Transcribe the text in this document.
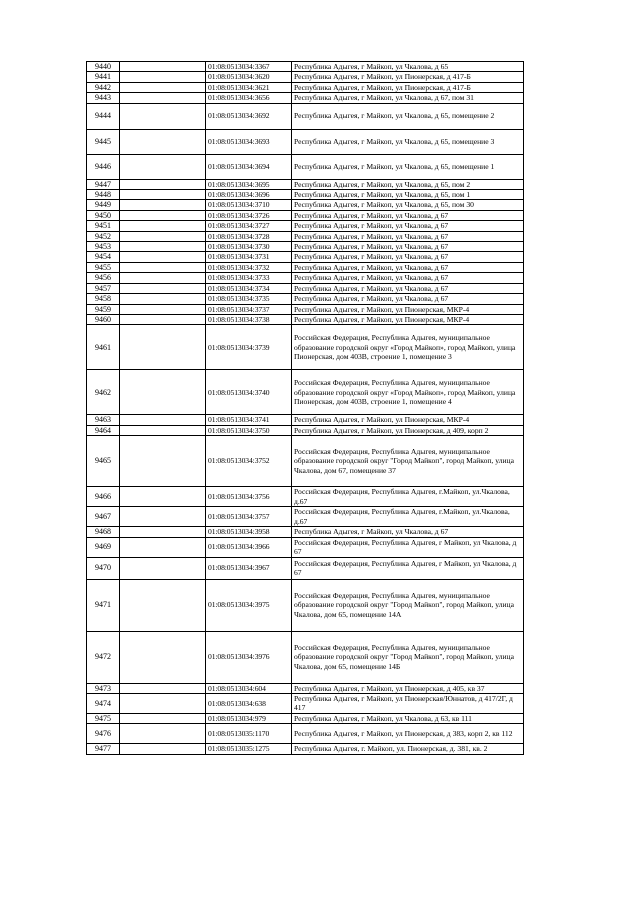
9440		01:08:0513034:3367	Республика Адыгея, г Майкоп, ул Чкалова, д 65
9441		01:08:0513034:3620	Республика Адыгея, г Майкоп, ул Пионерская, д 417-Б
9442		01:08:0513034:3621	Республика Адыгея, г Майкоп, ул Пионерская, д 417-Б
9443		01:08:0513034:3656	Республика Адыгея, г Майкоп, ул Чкалова, д 67, пом 31
9444		01:08:0513034:3692	Республика Адыгея, г Майкоп, ул Чкалова, д 65, помещение 2
9445		01:08:0513034:3693	Республика Адыгея, г Майкоп, ул Чкалова, д 65, помещение 3
9446		01:08:0513034:3694	Республика Адыгея, г Майкоп, ул Чкалова, д 65, помещение 1
9447		01:08:0513034:3695	Республика Адыгея, г Майкоп, ул Чкалова, д 65, пом 2
9448		01:08:0513034:3696	Республика Адыгея, г Майкоп, ул Чкалова, д 65, пом 1
9449		01:08:0513034:3710	Республика Адыгея, г Майкоп, ул Чкалова, д 65, пом 30
9450		01:08:0513034:3726	Республика Адыгея, г Майкоп, ул Чкалова, д 67
9451		01:08:0513034:3727	Республика Адыгея, г Майкоп, ул Чкалова, д 67
9452		01:08:0513034:3728	Республика Адыгея, г Майкоп, ул Чкалова, д 67
9453		01:08:0513034:3730	Республика Адыгея, г Майкоп, ул Чкалова, д 67
9454		01:08:0513034:3731	Республика Адыгея, г Майкоп, ул Чкалова, д 67
9455		01:08:0513034:3732	Республика Адыгея, г Майкоп, ул Чкалова, д 67
9456		01:08:0513034:3733	Республика Адыгея, г Майкоп, ул Чкалова, д 67
9457		01:08:0513034:3734	Республика Адыгея, г Майкоп, ул Чкалова, д 67
9458		01:08:0513034:3735	Республика Адыгея, г Майкоп, ул Чкалова, д 67
9459		01:08:0513034:3737	Республика Адыгея, г Майкоп, ул Пионерская, МКР-4
9460		01:08:0513034:3738	Республика Адыгея, г Майкоп, ул Пионерская, МКР-4
9461		01:08:0513034:3739	Российская Федерация, Республика Адыгея, муниципальное образование городской округ «Город Майкоп», город Майкоп, улица Пионерская, дом 403В, строение 1, помещение 3
9462		01:08:0513034:3740	Российская Федерация, Республика Адыгея, муниципальное образование городской округ «Город Майкоп», город Майкоп, улица Пионерская, дом 403В, строение 1, помещение 4
9463		01:08:0513034:3741	Республика Адыгея, г Майкоп, ул Пионерская, МКР-4
9464		01:08:0513034:3750	Республика Адыгея, г Майкоп, ул Пионерская, д 409, корп 2
9465		01:08:0513034:3752	Российская Федерация, Республика Адыгея, муниципальное образование городской округ "Город Майкоп", город Майкоп, улица Чкалова, дом 67, помещение 37
9466		01:08:0513034:3756	Российская Федерация, Республика Адыгея, г.Майкоп, ул.Чкалова, д.67
9467		01:08:0513034:3757	Российская Федерация, Республика Адыгея, г.Майкоп, ул.Чкалова, д.67
9468		01:08:0513034:3958	Республика Адыгея, г Майкоп, ул Чкалова, д 67
9469		01:08:0513034:3966	Российская Федерация, Республика Адыгея, г Майкоп, ул Чкалова, д 67
9470		01:08:0513034:3967	Российская Федерация, Республика Адыгея, г Майкоп, ул Чкалова, д 67
9471		01:08:0513034:3975	Российская Федерация, Республика Адыгея, муниципальное образование городской округ "Город Майкоп", город Майкоп, улица Чкалова, дом 65, помещение 14А
9472		01:08:0513034:3976	Российская Федерация, Республика Адыгея, муниципальное образование городской округ "Город Майкоп", город Майкоп, улица Чкалова, дом 65, помещение 14Б
9473		01:08:0513034:604	Республика Адыгея, г Майкоп, ул Пионерская, д 405, кв 37
9474		01:08:0513034:638	Республика Адыгея, г Майкоп, ул Пионерская/Юннатов, д 417/2Г, д 417
9475		01:08:0513034:979	Республика Адыгея, г Майкоп, ул Чкалова, д 63, кв 111
9476		01:08:0513035:1170	Республика Адыгея, г Майкоп, ул Пионерская, д 383, корп 2, кв 112
9477		01:08:0513035:1275	Республика Адыгея, г. Майкоп, ул. Пионерская, д. 381, кв. 2
